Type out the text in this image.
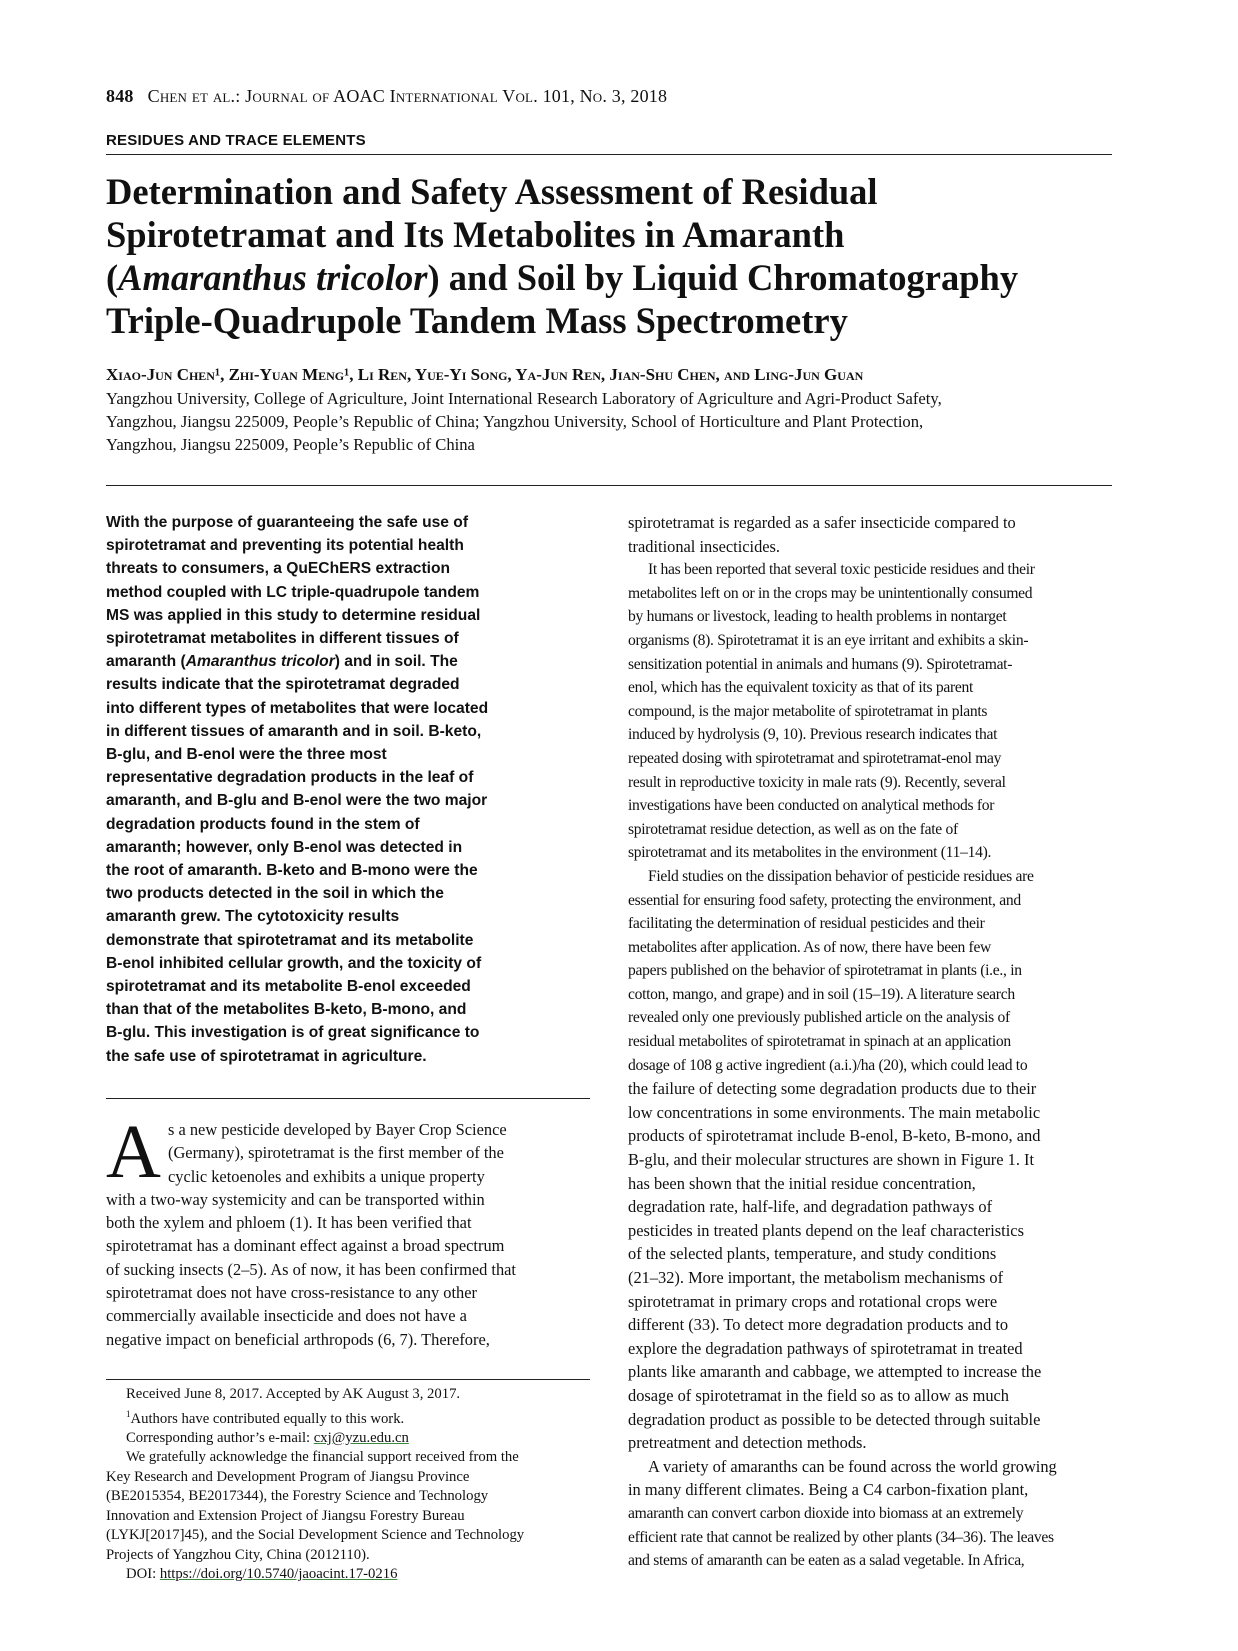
848 Chen et al.: Journal of AOAC International Vol. 101, No. 3, 2018
RESIDUES AND TRACE ELEMENTS
Determination and Safety Assessment of Residual
Spirotetramat and Its Metabolites in Amaranth
(Amaranthus tricolor) and Soil by Liquid Chromatography
Triple-Quadrupole Tandem Mass Spectrometry
Xiao-Jun Chen¹, Zhi-Yuan Meng¹, Li Ren, Yue-Yi Song, Ya-Jun Ren, Jian-Shu Chen, and Ling-Jun Guan
Yangzhou University, College of Agriculture, Joint International Research Laboratory of Agriculture and Agri-Product Safety,
Yangzhou, Jiangsu 225009, People’s Republic of China; Yangzhou University, School of Horticulture and Plant Protection,
Yangzhou, Jiangsu 225009, People’s Republic of China
With the purpose of guaranteeing the safe use of
spirotetramat and preventing its potential health
threats to consumers, a QuEChERS extraction
method coupled with LC triple-quadrupole tandem
MS was applied in this study to determine residual
spirotetramat metabolites in different tissues of
amaranth (Amaranthus tricolor) and in soil. The
results indicate that the spirotetramat degraded
into different types of metabolites that were located
in different tissues of amaranth and in soil. B-keto,
B-glu, and B-enol were the three most
representative degradation products in the leaf of
amaranth, and B-glu and B-enol were the two major
degradation products found in the stem of
amaranth; however, only B-enol was detected in
the root of amaranth. B-keto and B-mono were the
two products detected in the soil in which the
amaranth grew. The cytotoxicity results
demonstrate that spirotetramat and its metabolite
B-enol inhibited cellular growth, and the toxicity of
spirotetramat and its metabolite B-enol exceeded
than that of the metabolites B-keto, B-mono, and
B-glu. This investigation is of great significance to
the safe use of spirotetramat in agriculture.
A s a new pesticide developed by Bayer Crop Science
(Germany), spirotetramat is the first member of the
cyclic ketoenoles and exhibits a unique property
with a two-way systemicity and can be transported within
both the xylem and phloem (1). It has been verified that
spirotetramat has a dominant effect against a broad spectrum
of sucking insects (2–5). As of now, it has been confirmed that
spirotetramat does not have cross-resistance to any other
commercially available insecticide and does not have a
negative impact on beneficial arthropods (6, 7). Therefore,
Received June 8, 2017. Accepted by AK August 3, 2017.
$^1$Authors have contributed equally to this work.
Corresponding author’s e-mail: cxj@yzu.edu.cn
We gratefully acknowledge the financial support received from the
Key Research and Development Program of Jiangsu Province
(BE2015354, BE2017344), the Forestry Science and Technology
Innovation and Extension Project of Jiangsu Forestry Bureau
(LYKJ[2017]45), and the Social Development Science and Technology
Projects of Yangzhou City, China (2012110).
DOI: https://doi.org/10.5740/jaoacint.17-0216
spirotetramat is regarded as a safer insecticide compared to
traditional insecticides.
It has been reported that several toxic pesticide residues and their
metabolites left on or in the crops may be unintentionally consumed
by humans or livestock, leading to health problems in nontarget
organisms (8). Spirotetramat it is an eye irritant and exhibits a skin-
sensitization potential in animals and humans (9). Spirotetramat-
enol, which has the equivalent toxicity as that of its parent
compound, is the major metabolite of spirotetramat in plants
induced by hydrolysis (9, 10). Previous research indicates that
repeated dosing with spirotetramat and spirotetramat-enol may
result in reproductive toxicity in male rats (9). Recently, several
investigations have been conducted on analytical methods for
spirotetramat residue detection, as well as on the fate of
spirotetramat and its metabolites in the environment (11–14).
Field studies on the dissipation behavior of pesticide residues are
essential for ensuring food safety, protecting the environment, and
facilitating the determination of residual pesticides and their
metabolites after application. As of now, there have been few
papers published on the behavior of spirotetramat in plants (i.e., in
cotton, mango, and grape) and in soil (15–19). A literature search
revealed only one previously published article on the analysis of
residual metabolites of spirotetramat in spinach at an application
dosage of 108 g active ingredient (a.i.)/ha (20), which could lead to
the failure of detecting some degradation products due to their
low concentrations in some environments. The main metabolic
products of spirotetramat include B-enol, B-keto, B-mono, and
B-glu, and their molecular structures are shown in Figure 1. It
has been shown that the initial residue concentration,
degradation rate, half-life, and degradation pathways of
pesticides in treated plants depend on the leaf characteristics
of the selected plants, temperature, and study conditions
(21–32). More important, the metabolism mechanisms of
spirotetramat in primary crops and rotational crops were
different (33). To detect more degradation products and to
explore the degradation pathways of spirotetramat in treated
plants like amaranth and cabbage, we attempted to increase the
dosage of spirotetramat in the field so as to allow as much
degradation product as possible to be detected through suitable
pretreatment and detection methods.
A variety of amaranths can be found across the world growing
in many different climates. Being a C4 carbon-fixation plant,
amaranth can convert carbon dioxide into biomass at an extremely
efficient rate that cannot be realized by other plants (34–36). The leaves
and stems of amaranth can be eaten as a salad vegetable. In Africa,
